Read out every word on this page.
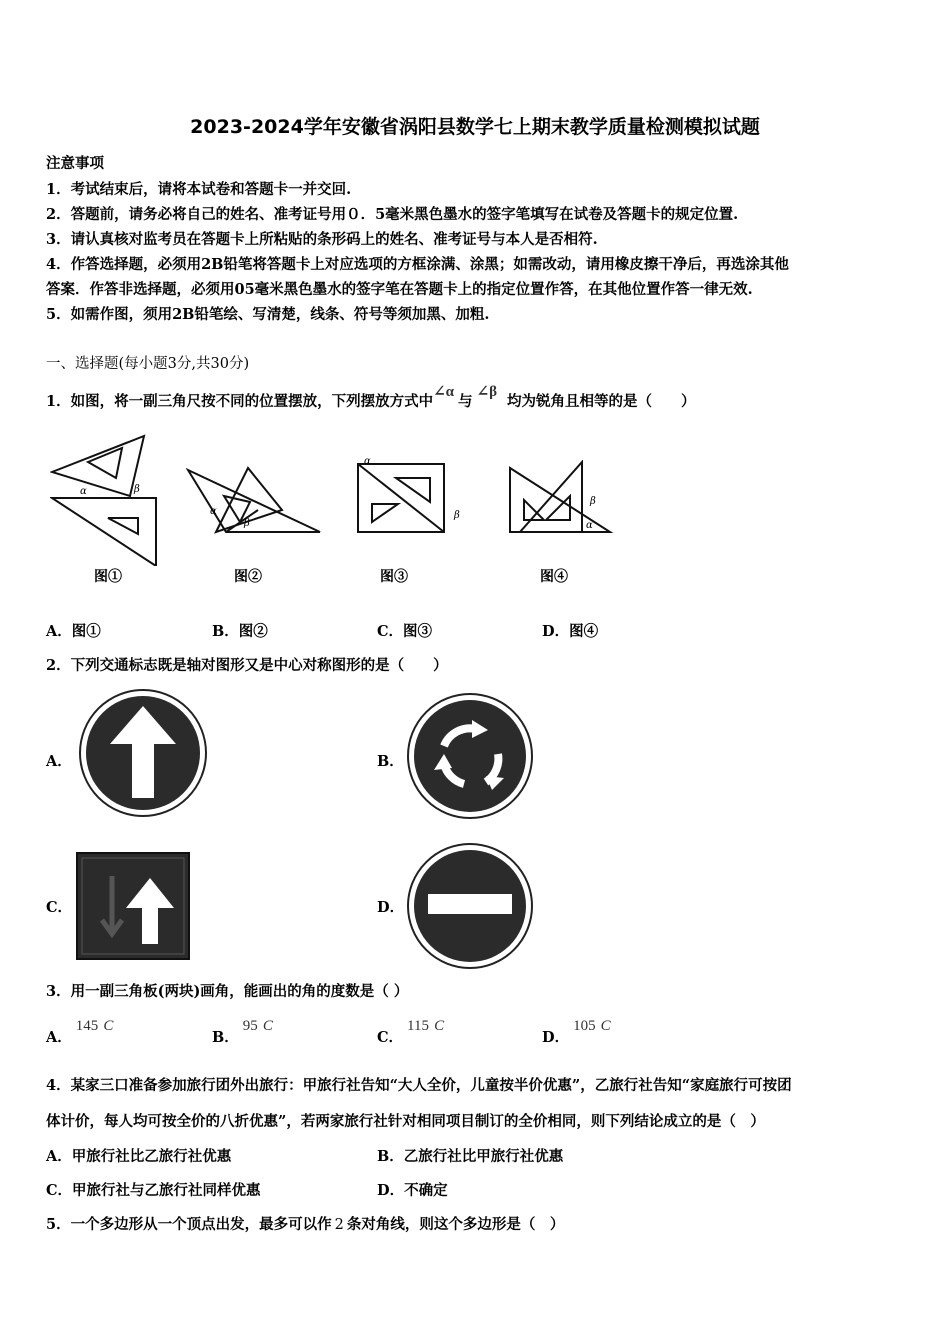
2023-2024学年安徽省涡阳县数学七上期末教学质量检测模拟试题
注意事项
1．考试结束后，请将本试卷和答题卡一并交回.
2．答题前，请务必将自己的姓名、准考证号用０．5毫米黑色墨水的签字笔填写在试卷及答题卡的规定位置.
3．请认真核对监考员在答题卡上所粘贴的条形码上的姓名、准考证号与本人是否相符.
4．作答选择题，必须用2B铅笔将答题卡上对应选项的方框涂满、涂黑；如需改动，请用橡皮擦干净后，再选涂其他
答案．作答非选择题，必须用05毫米黑色墨水的签字笔在答题卡上的指定位置作答，在其他位置作答一律无效.
5．如需作图，须用2B铅笔绘、写清楚，线条、符号等须加黑、加粗.
一、选择题(每小题3分,共30分)
1．如图，将一副三角尺按不同的位置摆放，下列摆放方式中∠α与∠β均为锐角且相等的是（　　）
α	β
图①
α
β
图②
α
β
图③
α
β
图④
A．图①	B．图②	C．图③	D．图④
2．下列交通标志既是轴对图形又是中心对称图形的是（　　）
A．	B．
C．	D．
3．用一副三角板(两块)画角，能画出的角的度数是（ ）
A．145 C
B．95 C
C．115 C
D．105 C
4．某家三口准备参加旅行团外出旅行：甲旅行社告知“大人全价，儿童按半价优惠”，乙旅行社告知“家庭旅行可按团
体计价，每人均可按全价的八折优惠”，若两家旅行社针对相同项目制订的全价相同，则下列结论成立的是（　）
A．甲旅行社比乙旅行社优惠	B．乙旅行社比甲旅行社优惠
C．甲旅行社与乙旅行社同样优惠	D．不确定
5．一个多边形从一个顶点出发，最多可以作 2 条对角线，则这个多边形是（　）
